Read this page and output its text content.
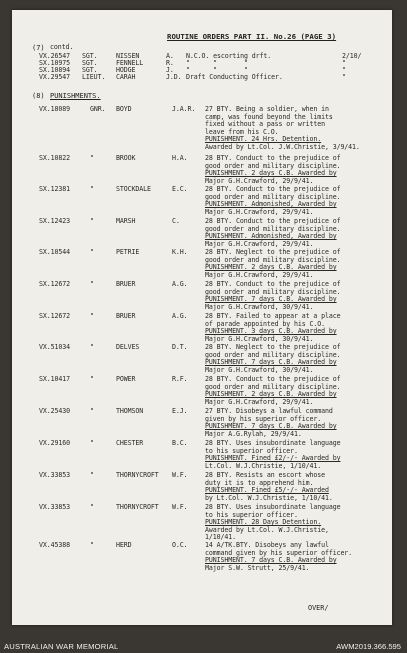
ROUTINE ORDERS PART II. No.26 (PAGE 3)
(7) contd.
VX.26547 SGT.	NISSEN	A. N.C.O. escorting drft.	2/10/
SX.10975 SGT.	FENNELL	R. "      "       "	"
SX.10894 SGT.	HODGE	J. "      "       "	"
VX.29547 LIEUT. CARAH	J.D. Draft Conducting Officer.	"
(8) PUNISHMENTS.
VX.18089	GNR. BOYD	J.A.R. 27 BTY. Being a soldier, when in
camp, was found beyond the limits
fixed without a pass or written
leave from his C.O.
PUNISHMENT. 24 Hrs. Detention.
Awarded by Lt.Col. J.W.Christie, 3/9/41.
SX.10822	"	BROOK	H.A.	28 BTY. Conduct to the prejudice of
good order and military discipline.
PUNISHMENT. 2 days C.B. Awarded by
Major G.H.Crawford, 29/9/41.
SX.12381	"	STOCKDALE	E.C.	28 BTY. Conduct to the prejudice of
good order and military discipline.
PUNISHMENT. Admonished, Awarded by
Major G.H.Crawford, 29/9/41.
SX.12423	"	MARSH	C.	28 BTY. Conduct to the prejudice of
good order and military discipline.
PUNISHMENT. Admonished, Awarded by
Major G.H.Crawford, 29/9/41.
SX.10544	"	PETRIE	K.H.	28 BTY. Neglect to the prejudice of
good order and military discipline.
PUNISHMENT. 2 days C.B. Awarded by
Major G.H.Crawford, 29/9/41.
SX.12672	"	BRUER	A.G.	28 BTY. Conduct to the prejudice of
good order and military discipline.
PUNISHMENT. 7 days C.B. Awarded by
Major G.H.Crawford, 30/9/41.
SX.12672	"	BRUER	A.G.	28 BTY. Failed to appear at a place
of parade appointed by his C.O.
PUNISHMENT. 3 days C.B. Awarded by
Major G.H.Crawford, 30/9/41.
VX.51034	"	DELVES	D.T.	28 BTY. Neglect to the prejudice of
good order and military discipline.
PUNISHMENT. 7 days C.B. Awarded by
Major G.H.Crawford, 30/9/41.
SX.10417	"	POWER	R.F.	28 BTY. Conduct to the prejudice of
good order and military discipline.
PUNISHMENT. 2 days C.B. Awarded by
Major G.H.Crawford, 29/9/41.
VX.25430	"	THOMSON	E.J.	27 BTY. Disobeys a lawful command
given by his superior officer.
PUNISHMENT. 7 days C.B. Awarded by
Major A.G.Rylah, 29/9/41.
VX.29160	"	CHESTER	B.C.	28 BTY. Uses insubordinate language
to his superior officer.
PUNISHMENT. Fined £2/-/- Awarded by
Lt.Col. W.J.Christie, 1/10/41.
VX.33853	"	THORNYCROFT W.F.	28 BTY. Resists an escort whose
duty it is to apprehend him.
PUNISHMENT. Fined £5/-/- Awarded
by Lt.Col. W.J.Christie, 1/10/41.
VX.33853	"	THORNYCROFT W.F.	28 BTY. Uses insubordinate language
to his superior officer.
PUNISHMENT. 28 Days Detention.
Awarded by Lt.Col. W.J.Christie,
1/10/41.
VX.45388	"	HERD	O.C.	14 A/TK.BTY. Disobeys any lawful
command given by his superior officer.
PUNISHMENT. 7 days C.B. Awarded by
Major S.W. Strutt, 25/9/41.
OVER/
AUSTRALIAN WAR MEMORIAL	AWM2019.366.595
